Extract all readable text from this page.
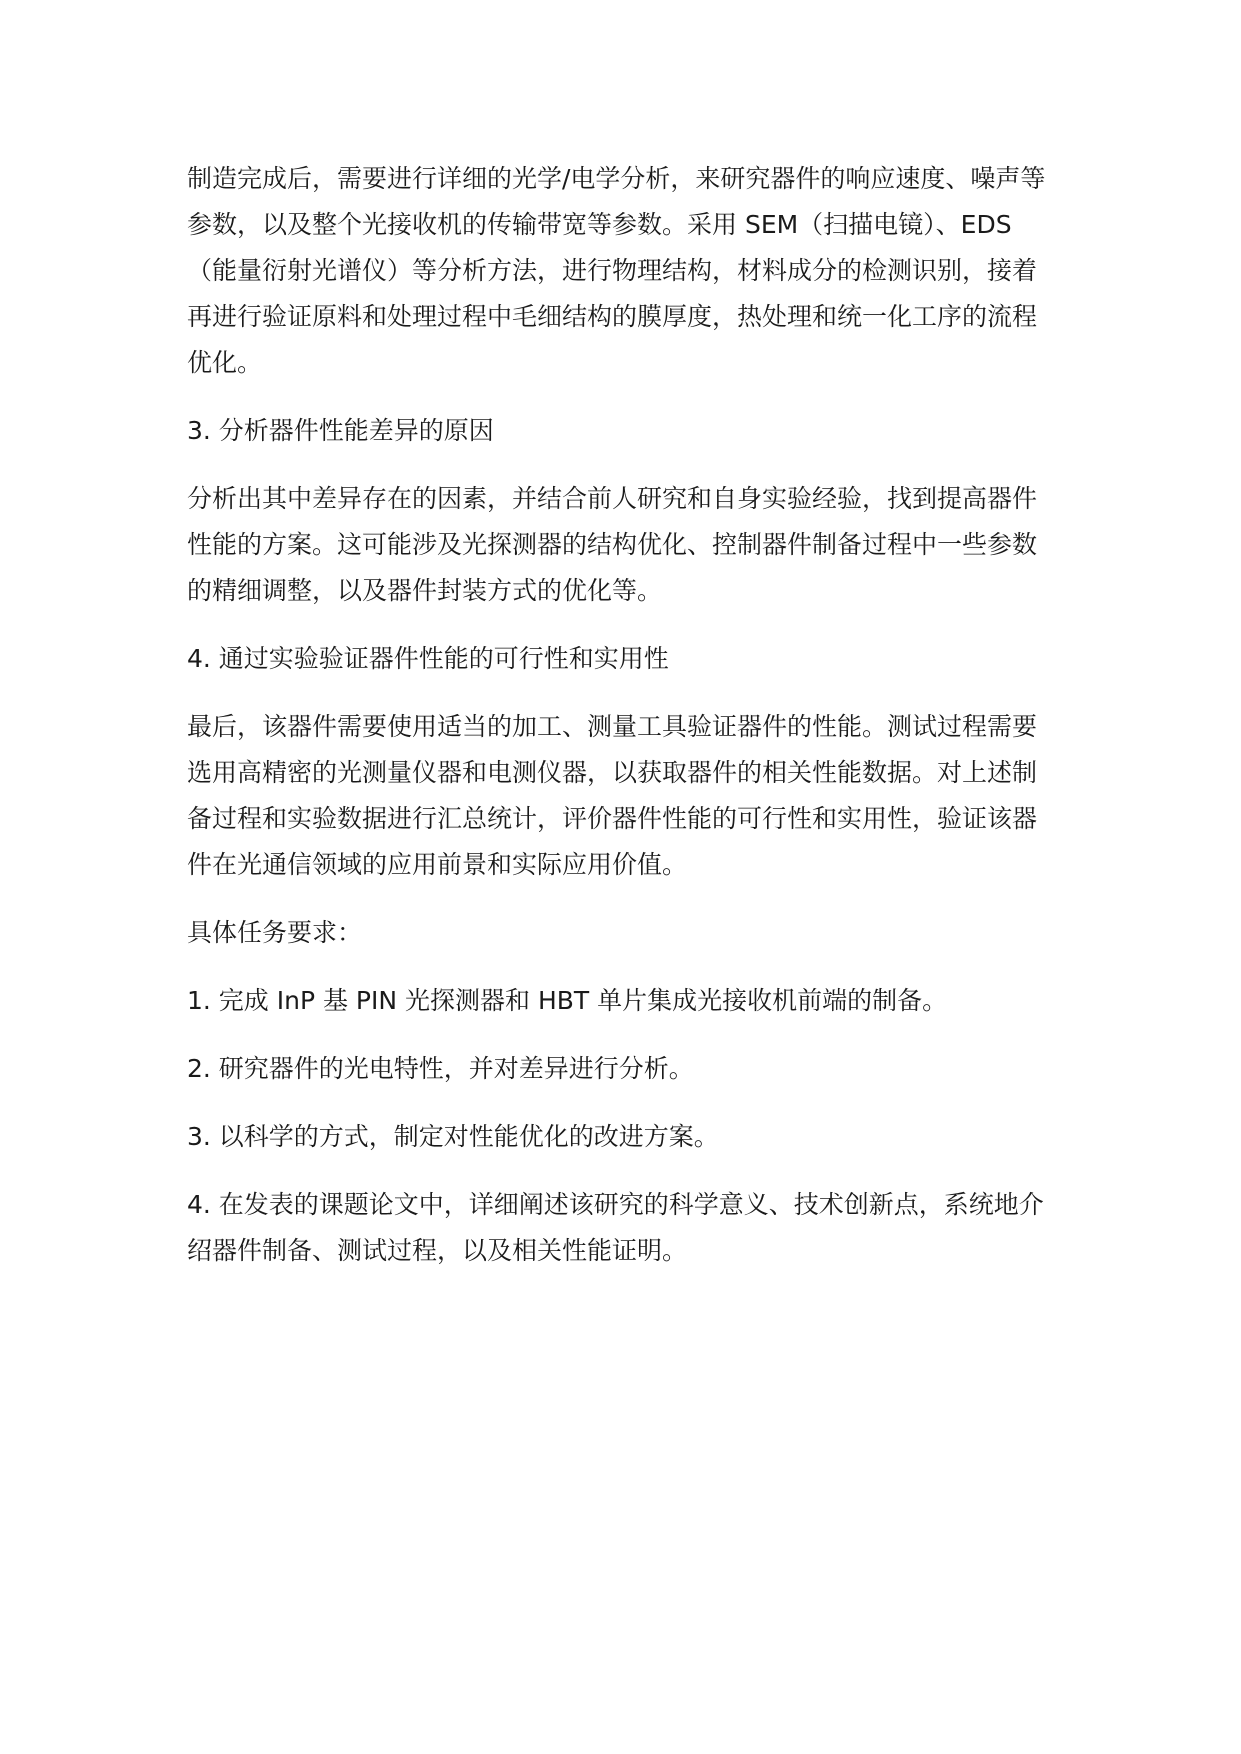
制造完成后，需要进行详细的光学/电学分析，来研究器件的响应速度、噪声等参数，以及整个光接收机的传输带宽等参数。采用 SEM（扫描电镜）、EDS（能量衍射光谱仪）等分析方法，进行物理结构，材料成分的检测识别，接着再进行验证原料和处理过程中毛细结构的膜厚度，热处理和统一化工序的流程优化。

3. 分析器件性能差异的原因

分析出其中差异存在的因素，并结合前人研究和自身实验经验，找到提高器件性能的方案。这可能涉及光探测器的结构优化、控制器件制备过程中一些参数的精细调整，以及器件封装方式的优化等。

4. 通过实验验证器件性能的可行性和实用性

最后，该器件需要使用适当的加工、测量工具验证器件的性能。测试过程需要选用高精密的光测量仪器和电测仪器，以获取器件的相关性能数据。对上述制备过程和实验数据进行汇总统计，评价器件性能的可行性和实用性，验证该器件在光通信领域的应用前景和实际应用价值。

具体任务要求：

1. 完成 InP 基 PIN 光探测器和 HBT 单片集成光接收机前端的制备。

2. 研究器件的光电特性，并对差异进行分析。

3. 以科学的方式，制定对性能优化的改进方案。

4. 在发表的课题论文中，详细阐述该研究的科学意义、技术创新点，系统地介绍器件制备、测试过程，以及相关性能证明。
